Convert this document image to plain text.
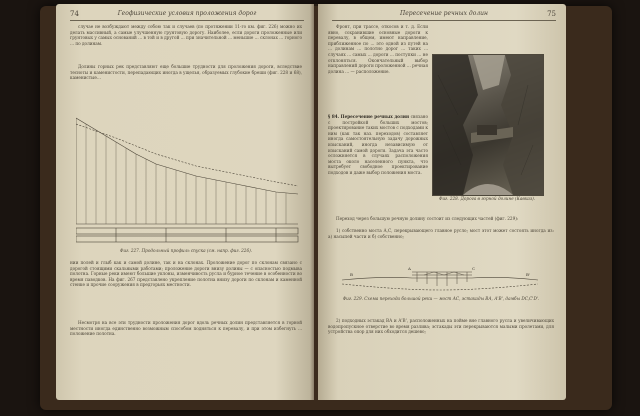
74	Геофизические условия проложения дорог

случае не возбуждают между собою так и случаев (по протяжении 11-го км. фиг. 226) можно их делать массивный, а самые улучшенную грунтовую дорогу. Наиболее, если дороги проложенные или грунтовых у самых оснований ... в той и в другой ... при значительной ... меньшие ... склонах ... горного ... по долинам.

Долины горных рек представляют еще большие трудности для проложения дороги, вследствие тесноты и каменистости, перепадающих иногда в ущелья, образуемых глубокие бреши (фиг. 228 и 68), каменистые...

Фиг. 227. Продольный профиль спуска (см. напр. фиг. 226).

нии полей и глыб как и самой долине, так и на склонах. Проложение дорог по склонам связано с дорогой стоящими скальными работами; проложение дороги внизу долины — с опасностью подмыва полотна. Горные реки имеют большие уклоны, изменчивость русла и бурное течение в особенности во время паводков. На фиг. 267 представлено укрепление полотна внизу дороги по склонам и каменной стенке и прочие сооружения в предгорьях местности.

Несмотря на все эти трудности проложения дорог вдоль речных долин представляется в горной местности иногда единственно возможным способом подняться к перевалу, и при этом избегнуть ... положение полотна.

Пересечение речных долин	75

Фронт, при трассе, откосов и т. д. Если явно, сохранившие основные дороги к перевалу, в общем, имеют направление, приближенное по ... это одной из путей на ... долинам ... полотно дорог ... таких ... случаях ... самых ... дороги ... поступки ... не отклоняться. Окончательный выбор направлений дороги проложенной ... речная долина ... — расположение.

Фиг. 228. Дорога в горной долине (Кавказ).

§ 84. Пересечение речных долин связано с постройкой больших мостов; проектирование таких мостов с подходами к ним (как так наз. переходов) составляет иногда самостоятельную задачу дорожных изысканий, иногда независимую от изысканий самой дороги. Задача эта часто осложняется в случаях расположения моста около населенного пункта, что вытребует свободное проектирование подходов и даже выбор положения моста.

Переход через большую речную долину состоит из следующих частей (фиг. 229):

1) собственно моста А,С, перекрывающего главное русло; мост этот может состоять иногда из: а) насыпей части и б) собственно;

B
A	C
B'
Фиг. 229. Схема перехода большой реки — мост АС, эстакады ВА, А'В', дамбы DC,C'D'.

2) подходных эстакад ВА и А'В', расположенных на пойме вне главного русла и увеличивающих водопропускное отверстие во время разлива; эстакады эти перекрываются малыми пролетами, для устройства опор для них обходится дешево;
